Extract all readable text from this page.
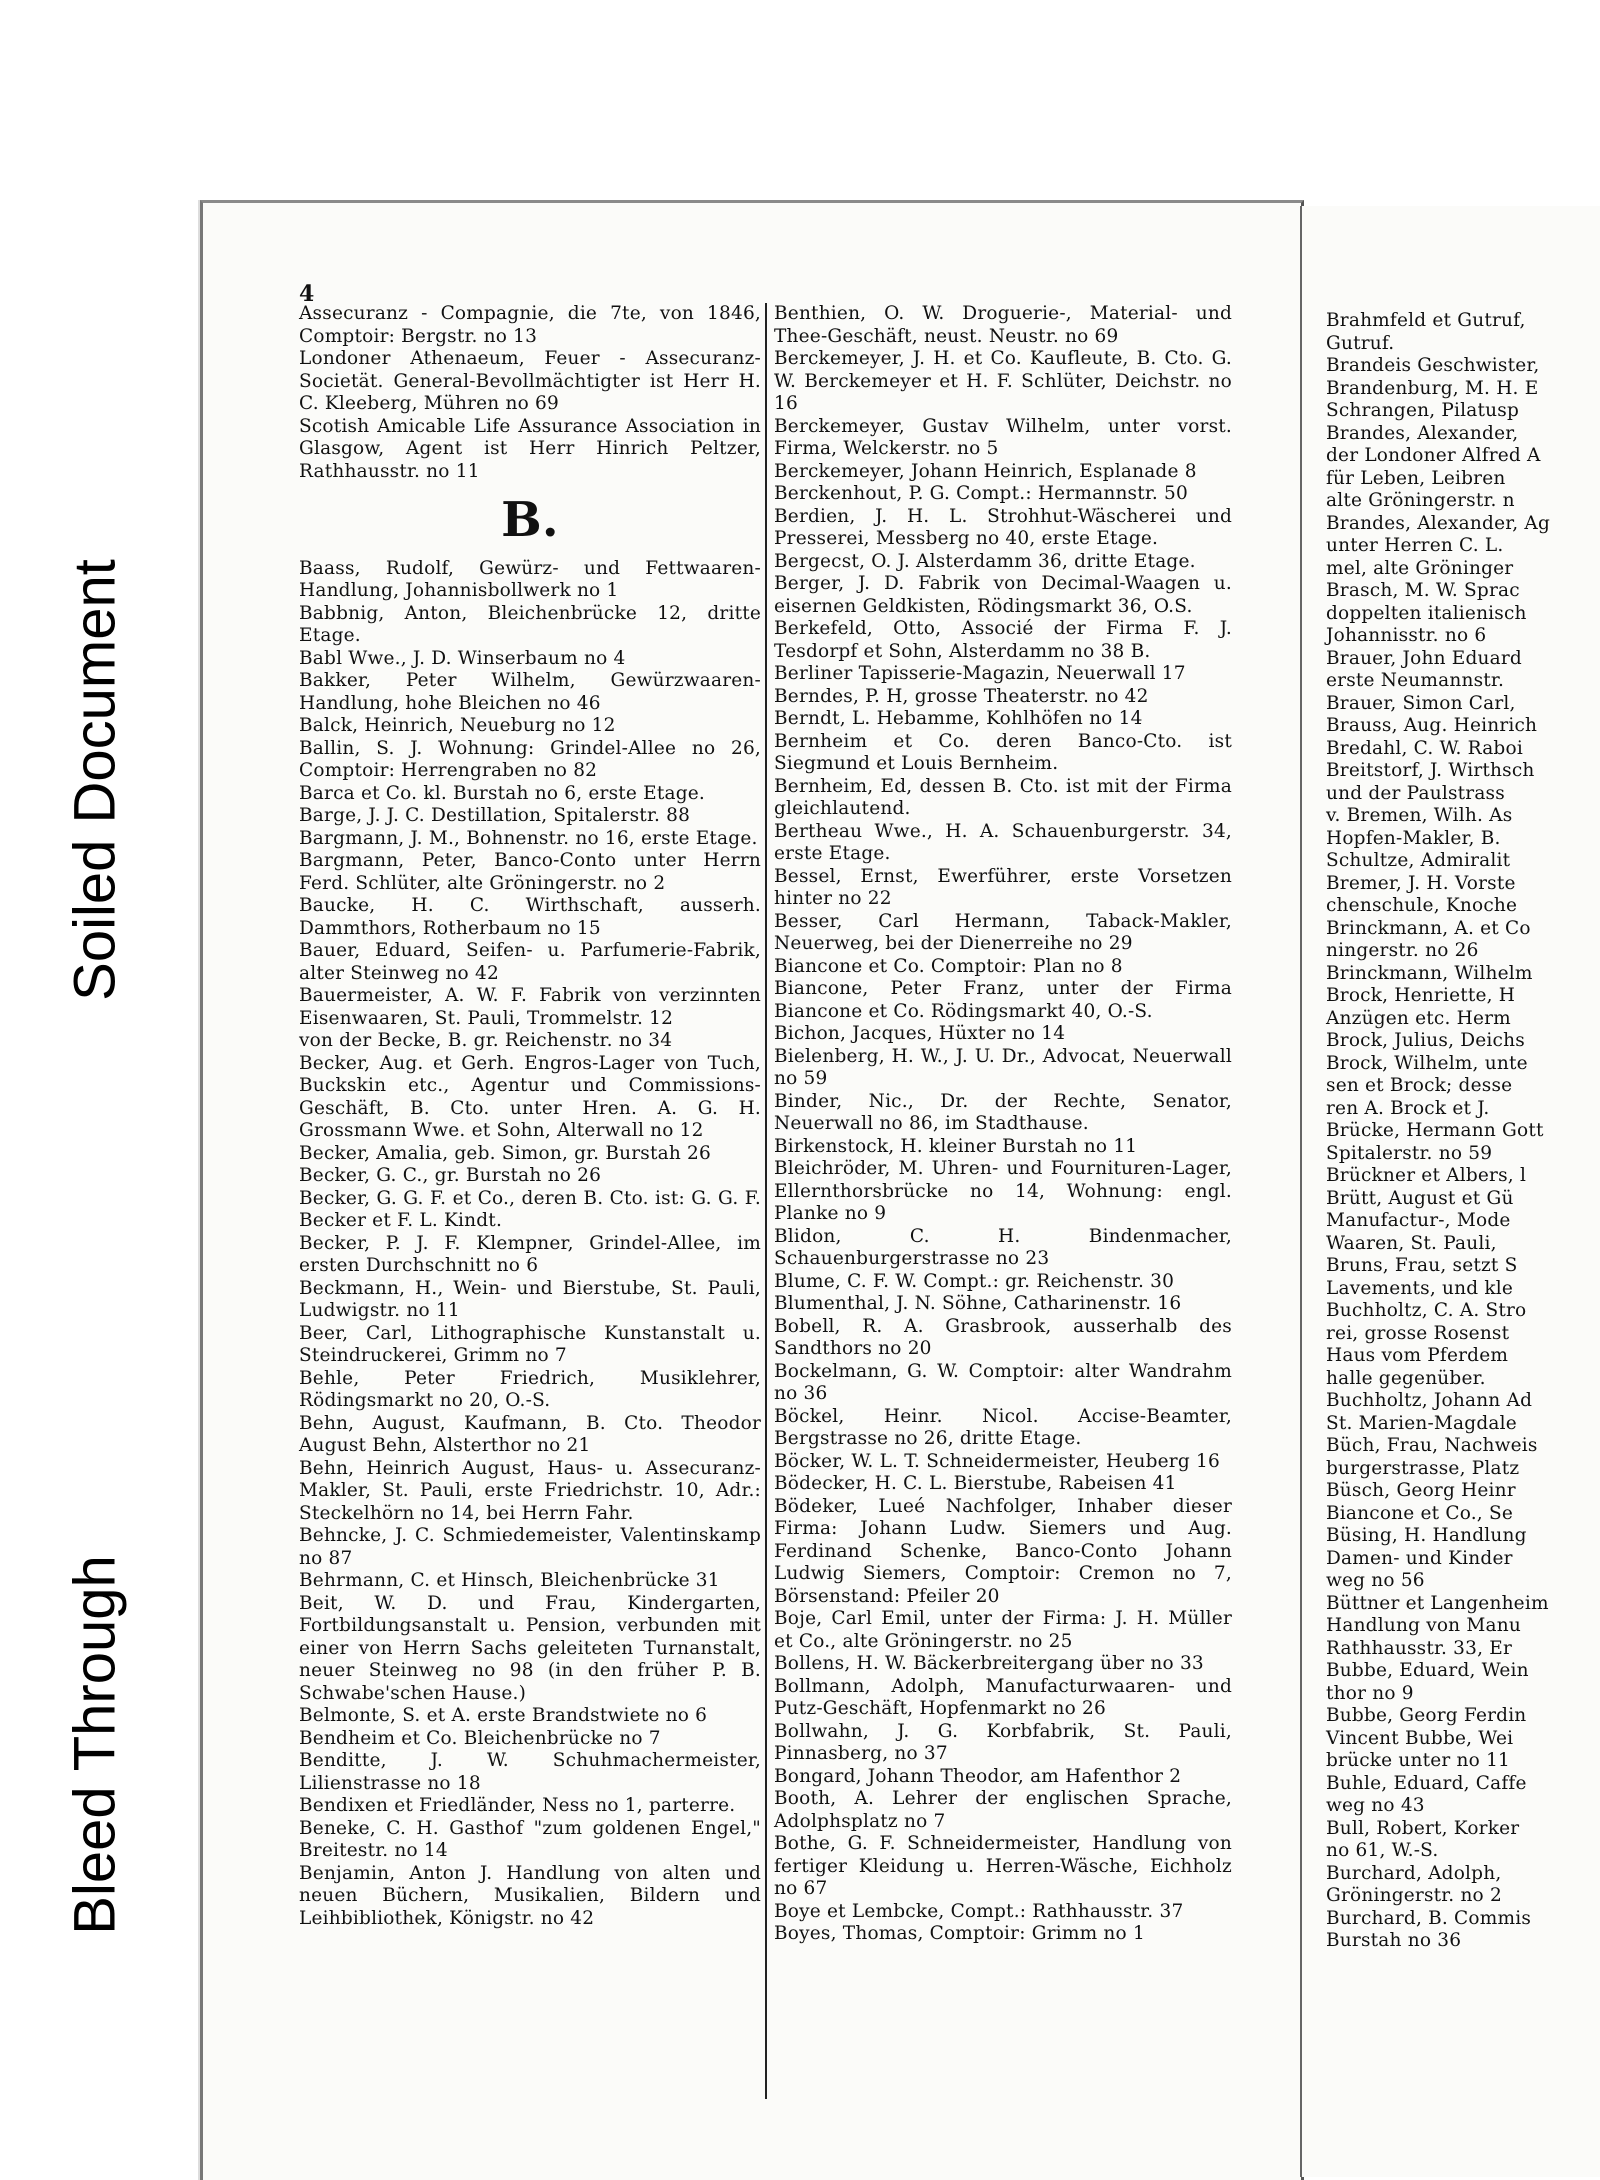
Soiled Document
Bleed Through
4
Assecuranz - Compagnie, die 7te, von 1846, Comptoir: Bergstr. no 13
Londoner Athenaeum, Feuer - Assecuranz-Societät. General-Bevollmächtigter ist Herr H. C. Kleeberg, Mühren no 69
Scotish Amicable Life Assurance Association in Glasgow, Agent ist Herr Hinrich Peltzer, Rathhausstr. no 11
B.
Baass, Rudolf, Gewürz- und Fettwaaren-Handlung, Johannisbollwerk no 1
Babbnig, Anton, Bleichenbrücke 12, dritte Etage.
Babl Wwe., J. D. Winserbaum no 4
Bakker, Peter Wilhelm, Gewürzwaaren-Handlung, hohe Bleichen no 46
Balck, Heinrich, Neueburg no 12
Ballin, S. J. Wohnung: Grindel-Allee no 26, Comptoir: Herrengraben no 82
Barca et Co. kl. Burstah no 6, erste Etage.
Barge, J. J. C. Destillation, Spitalerstr. 88
Bargmann, J. M., Bohnenstr. no 16, erste Etage.
Bargmann, Peter, Banco-Conto unter Herrn Ferd. Schlüter, alte Gröningerstr. no 2
Baucke, H. C. Wirthschaft, ausserh. Dammthors, Rotherbaum no 15
Bauer, Eduard, Seifen- u. Parfumerie-Fabrik, alter Steinweg no 42
Bauermeister, A. W. F. Fabrik von verzinnten Eisenwaaren, St. Pauli, Trommelstr. 12
von der Becke, B. gr. Reichenstr. no 34
Becker, Aug. et Gerh. Engros-Lager von Tuch, Buckskin etc., Agentur und Commissions-Geschäft, B. Cto. unter Hren. A. G. H. Grossmann Wwe. et Sohn, Alterwall no 12
Becker, Amalia, geb. Simon, gr. Burstah 26
Becker, G. C., gr. Burstah no 26
Becker, G. G. F. et Co., deren B. Cto. ist: G. G. F. Becker et F. L. Kindt.
Becker, P. J. F. Klempner, Grindel-Allee, im ersten Durchschnitt no 6
Beckmann, H., Wein- und Bierstube, St. Pauli, Ludwigstr. no 11
Beer, Carl, Lithographische Kunstanstalt u. Steindruckerei, Grimm no 7
Behle, Peter Friedrich, Musiklehrer, Rödingsmarkt no 20, O.-S.
Behn, August, Kaufmann, B. Cto. Theodor August Behn, Alsterthor no 21
Behn, Heinrich August, Haus- u. Assecuranz-Makler, St. Pauli, erste Friedrichstr. 10, Adr.: Steckelhörn no 14, bei Herrn Fahr.
Behncke, J. C. Schmiedemeister, Valentinskamp no 87
Behrmann, C. et Hinsch, Bleichenbrücke 31
Beit, W. D. und Frau, Kindergarten, Fortbildungsanstalt u. Pension, verbunden mit einer von Herrn Sachs geleiteten Turnanstalt, neuer Steinweg no 98 (in den früher P. B. Schwabe'schen Hause.)
Belmonte, S. et A. erste Brandstwiete no 6
Bendheim et Co. Bleichenbrücke no 7
Benditte, J. W. Schuhmachermeister, Lilienstrasse no 18
Bendixen et Friedländer, Ness no 1, parterre.
Beneke, C. H. Gasthof "zum goldenen Engel," Breitestr. no 14
Benjamin, Anton J. Handlung von alten und neuen Büchern, Musikalien, Bildern und Leihbibliothek, Königstr. no 42
Benthien, O. W. Droguerie-, Material- und Thee-Geschäft, neust. Neustr. no 69
Berckemeyer, J. H. et Co. Kaufleute, B. Cto. G. W. Berckemeyer et H. F. Schlüter, Deichstr. no 16
Berckemeyer, Gustav Wilhelm, unter vorst. Firma, Welckerstr. no 5
Berckemeyer, Johann Heinrich, Esplanade 8
Berckenhout, P. G. Compt.: Hermannstr. 50
Berdien, J. H. L. Strohhut-Wäscherei und Presserei, Messberg no 40, erste Etage.
Bergecst, O. J. Alsterdamm 36, dritte Etage.
Berger, J. D. Fabrik von Decimal-Waagen u. eisernen Geldkisten, Rödingsmarkt 36, O.S.
Berkefeld, Otto, Associé der Firma F. J. Tesdorpf et Sohn, Alsterdamm no 38 B.
Berliner Tapisserie-Magazin, Neuerwall 17
Berndes, P. H, grosse Theaterstr. no 42
Berndt, L. Hebamme, Kohlhöfen no 14
Bernheim et Co. deren Banco-Cto. ist Siegmund et Louis Bernheim.
Bernheim, Ed, dessen B. Cto. ist mit der Firma gleichlautend.
Bertheau Wwe., H. A. Schauenburgerstr. 34, erste Etage.
Bessel, Ernst, Ewerführer, erste Vorsetzen hinter no 22
Besser, Carl Hermann, Taback-Makler, Neuerweg, bei der Dienerreihe no 29
Biancone et Co. Comptoir: Plan no 8
Biancone, Peter Franz, unter der Firma Biancone et Co. Rödingsmarkt 40, O.-S.
Bichon, Jacques, Hüxter no 14
Bielenberg, H. W., J. U. Dr., Advocat, Neuerwall no 59
Binder, Nic., Dr. der Rechte, Senator, Neuerwall no 86, im Stadthause.
Birkenstock, H. kleiner Burstah no 11
Bleichröder, M. Uhren- und Fournituren-Lager, Ellernthorsbrücke no 14, Wohnung: engl. Planke no 9
Blidon, C. H. Bindenmacher, Schauenburgerstrasse no 23
Blume, C. F. W. Compt.: gr. Reichenstr. 30
Blumenthal, J. N. Söhne, Catharinenstr. 16
Bobell, R. A. Grasbrook, ausserhalb des Sandthors no 20
Bockelmann, G. W. Comptoir: alter Wandrahm no 36
Böckel, Heinr. Nicol. Accise-Beamter, Bergstrasse no 26, dritte Etage.
Böcker, W. L. T. Schneidermeister, Heuberg 16
Bödecker, H. C. L. Bierstube, Rabeisen 41
Bödeker, Lueé Nachfolger, Inhaber dieser Firma: Johann Ludw. Siemers und Aug. Ferdinand Schenke, Banco-Conto Johann Ludwig Siemers, Comptoir: Cremon no 7, Börsenstand: Pfeiler 20
Boje, Carl Emil, unter der Firma: J. H. Müller et Co., alte Gröningerstr. no 25
Bollens, H. W. Bäckerbreitergang über no 33
Bollmann, Adolph, Manufacturwaaren- und Putz-Geschäft, Hopfenmarkt no 26
Bollwahn, J. G. Korbfabrik, St. Pauli, Pinnasberg, no 37
Bongard, Johann Theodor, am Hafenthor 2
Booth, A. Lehrer der englischen Sprache, Adolphsplatz no 7
Bothe, G. F. Schneidermeister, Handlung von fertiger Kleidung u. Herren-Wäsche, Eichholz no 67
Boye et Lembcke, Compt.: Rathhausstr. 37
Boyes, Thomas, Comptoir: Grimm no 1
Brahmfeld et Gutruf,
Gutruf.
Brandeis Geschwister,
Brandenburg, M. H. E
Schrangen, Pilatusp
Brandes, Alexander,
der Londoner Alfred A
für Leben, Leibren
alte Gröningerstr. n
Brandes, Alexander, Ag
unter Herren C. L.
mel, alte Gröninger
Brasch, M. W. Sprac
doppelten italienisch
Johannisstr. no 6
Brauer, John Eduard
erste Neumannstr.
Brauer, Simon Carl,
Brauss, Aug. Heinrich
Bredahl, C. W. Raboi
Breitstorf, J. Wirthsch
und der Paulstrass
v. Bremen, Wilh. As
Hopfen-Makler, B.
Schultze, Admiralit
Bremer, J. H. Vorste
chenschule, Knoche
Brinckmann, A. et Co
ningerstr. no 26
Brinckmann, Wilhelm
Brock, Henriette, H
Anzügen etc. Herm
Brock, Julius, Deichs
Brock, Wilhelm, unte
sen et Brock; desse
ren A. Brock et J.
Brücke, Hermann Gott
Spitalerstr. no 59
Brückner et Albers, l
Brütt, August et Gü
Manufactur-, Mode
Waaren, St. Pauli,
Bruns, Frau, setzt S
Lavements, und kle
Buchholtz, C. A. Stro
rei, grosse Rosenst
Haus vom Pferdem
halle gegenüber.
Buchholtz, Johann Ad
St. Marien-Magdale
Büch, Frau, Nachweis
burgerstrasse, Platz
Büsch, Georg Heinr
Biancone et Co., Se
Büsing, H. Handlung
Damen- und Kinder
weg no 56
Büttner et Langenheim
Handlung von Manu
Rathhausstr. 33, Er
Bubbe, Eduard, Wein
thor no 9
Bubbe, Georg Ferdin
Vincent Bubbe, Wei
brücke unter no 11
Buhle, Eduard, Caffe
weg no 43
Bull, Robert, Korker
no 61, W.-S.
Burchard, Adolph,
Gröningerstr. no 2
Burchard, B. Commis
Burstah no 36
